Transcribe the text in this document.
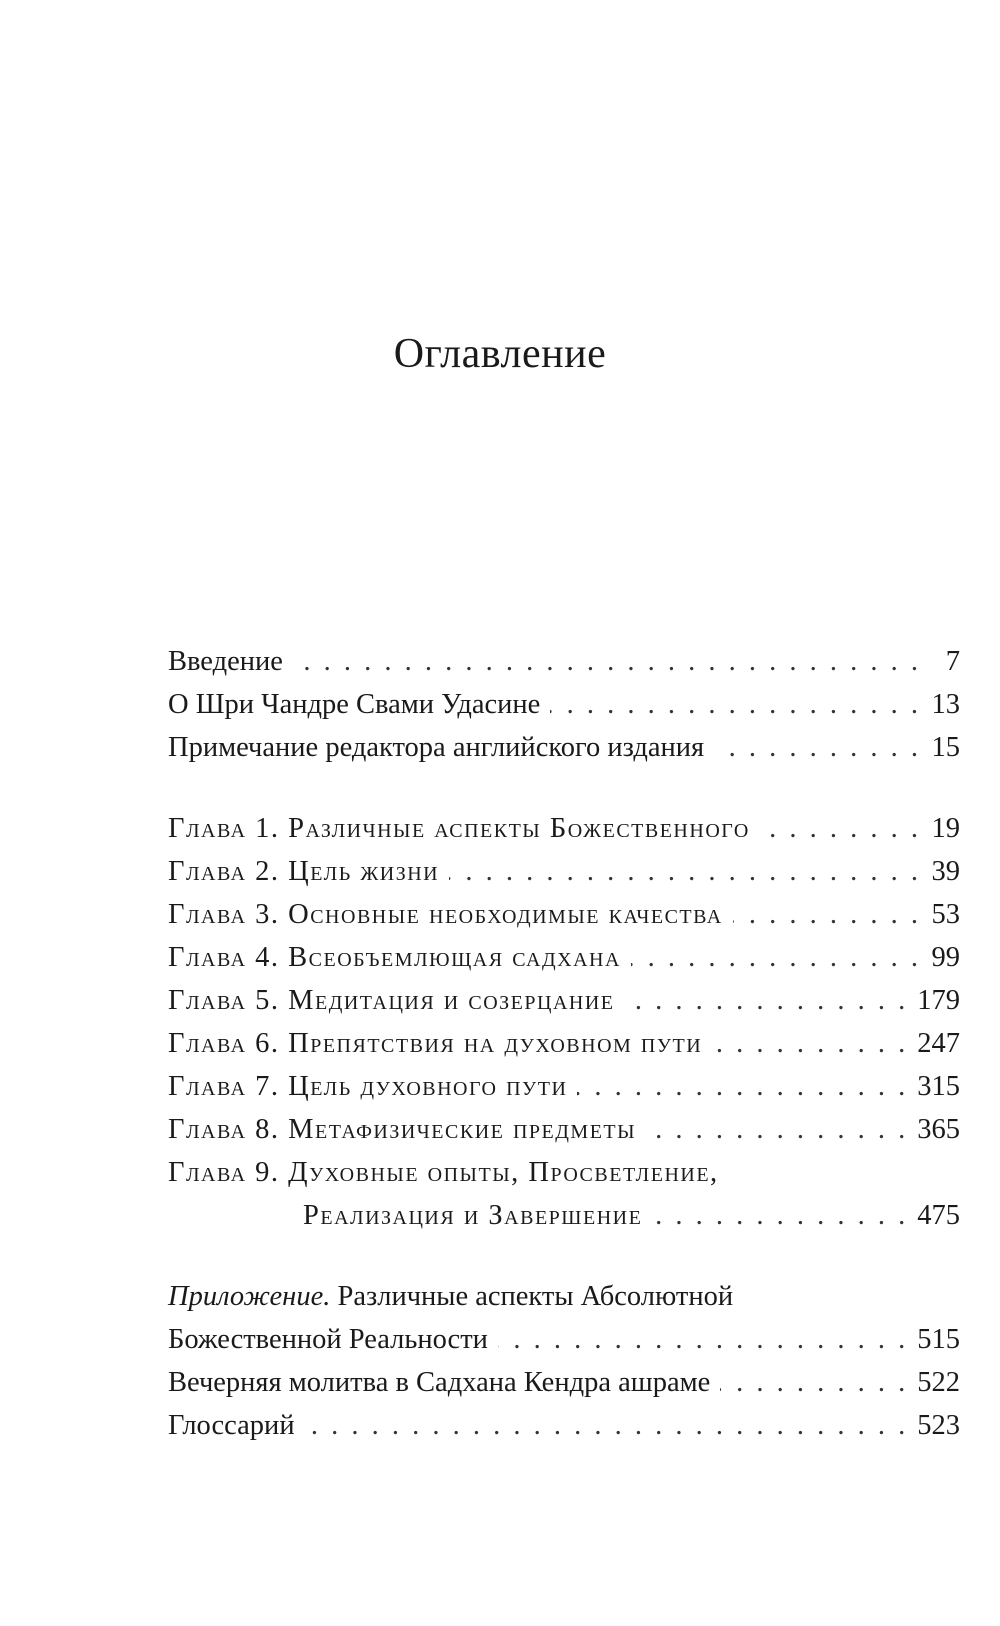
Оглавление
Введение . . .	7
О Шри Чандре Свами Удасине . . .	13
Примечание редактора английского издания . . .	15
Глава 1. Различные аспекты Божественного . . .	19
Глава 2. Цель жизни . . .	39
Глава 3. Основные необходимые качества . . .	53
Глава 4. Всеобъемлющая садхана . . .	99
Глава 5. Медитация и созерцание . . .	179
Глава 6. Препятствия на духовном пути . . .	247
Глава 7. Цель духовного пути . . .	315
Глава 8. Метафизические предметы . . .	365
Глава 9. Духовные опыты, Просветление,
Реализация и Завершение . . .	475
Приложение. Различные аспекты Абсолютной
Божественной Реальности . . .	515
Вечерняя молитва в Садхана Кендра ашраме . . .	522
Глоссарий . . .	523
